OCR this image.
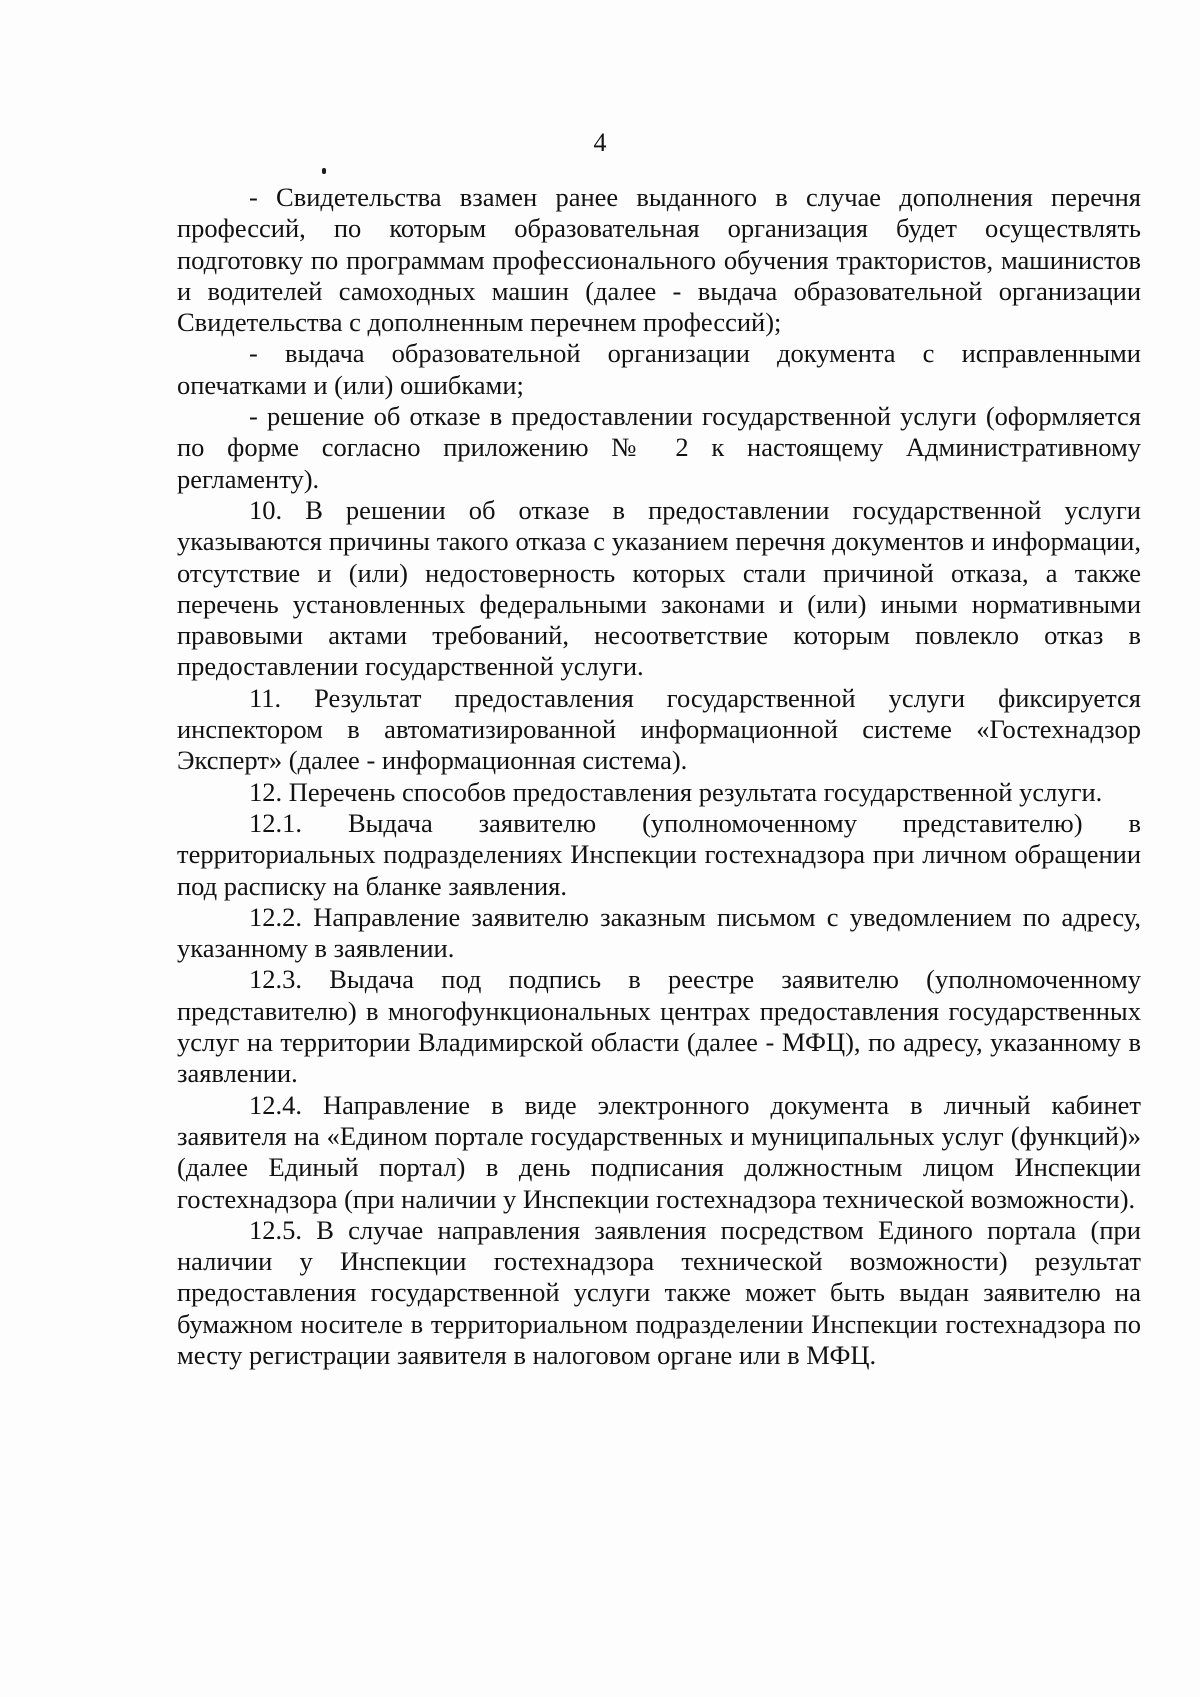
4

- Свидетельства взамен ранее выданного в случае дополнения перечня профессий, по которым образовательная организация будет осуществлять подготовку по программам профессионального обучения трактористов, машинистов и водителей самоходных машин (далее - выдача образовательной организации Свидетельства с дополненным перечнем профессий);

- выдача образовательной организации документа с исправленными опечатками и (или) ошибками;

- решение об отказе в предоставлении государственной услуги (оформляется по форме согласно приложению № 2 к настоящему Административному регламенту).

10. В решении об отказе в предоставлении государственной услуги указываются причины такого отказа с указанием перечня документов и информации, отсутствие и (или) недостоверность которых стали причиной отказа, а также перечень установленных федеральными законами и (или) иными нормативными правовыми актами требований, несоответствие которым повлекло отказ в предоставлении государственной услуги.

11. Результат предоставления государственной услуги фиксируется инспектором в автоматизированной информационной системе «Гостехнадзор Эксперт» (далее - информационная система).

12. Перечень способов предоставления результата государственной услуги.

12.1. Выдача заявителю (уполномоченному представителю) в территориальных подразделениях Инспекции гостехнадзора при личном обращении под расписку на бланке заявления.

12.2. Направление заявителю заказным письмом с уведомлением по адресу, указанному в заявлении.

12.3. Выдача под подпись в реестре заявителю (уполномоченному представителю) в многофункциональных центрах предоставления государственных услуг на территории Владимирской области (далее - МФЦ), по адресу, указанному в заявлении.

12.4. Направление в виде электронного документа в личный кабинет заявителя на «Едином портале государственных и муниципальных услуг (функций)» (далее Единый портал) в день подписания должностным лицом Инспекции гостехнадзора (при наличии у Инспекции гостехнадзора технической возможности).

12.5. В случае направления заявления посредством Единого портала (при наличии у Инспекции гостехнадзора технической возможности) результат предоставления государственной услуги также может быть выдан заявителю на бумажном носителе в территориальном подразделении Инспекции гостехнадзора по месту регистрации заявителя в налоговом органе или в МФЦ.
